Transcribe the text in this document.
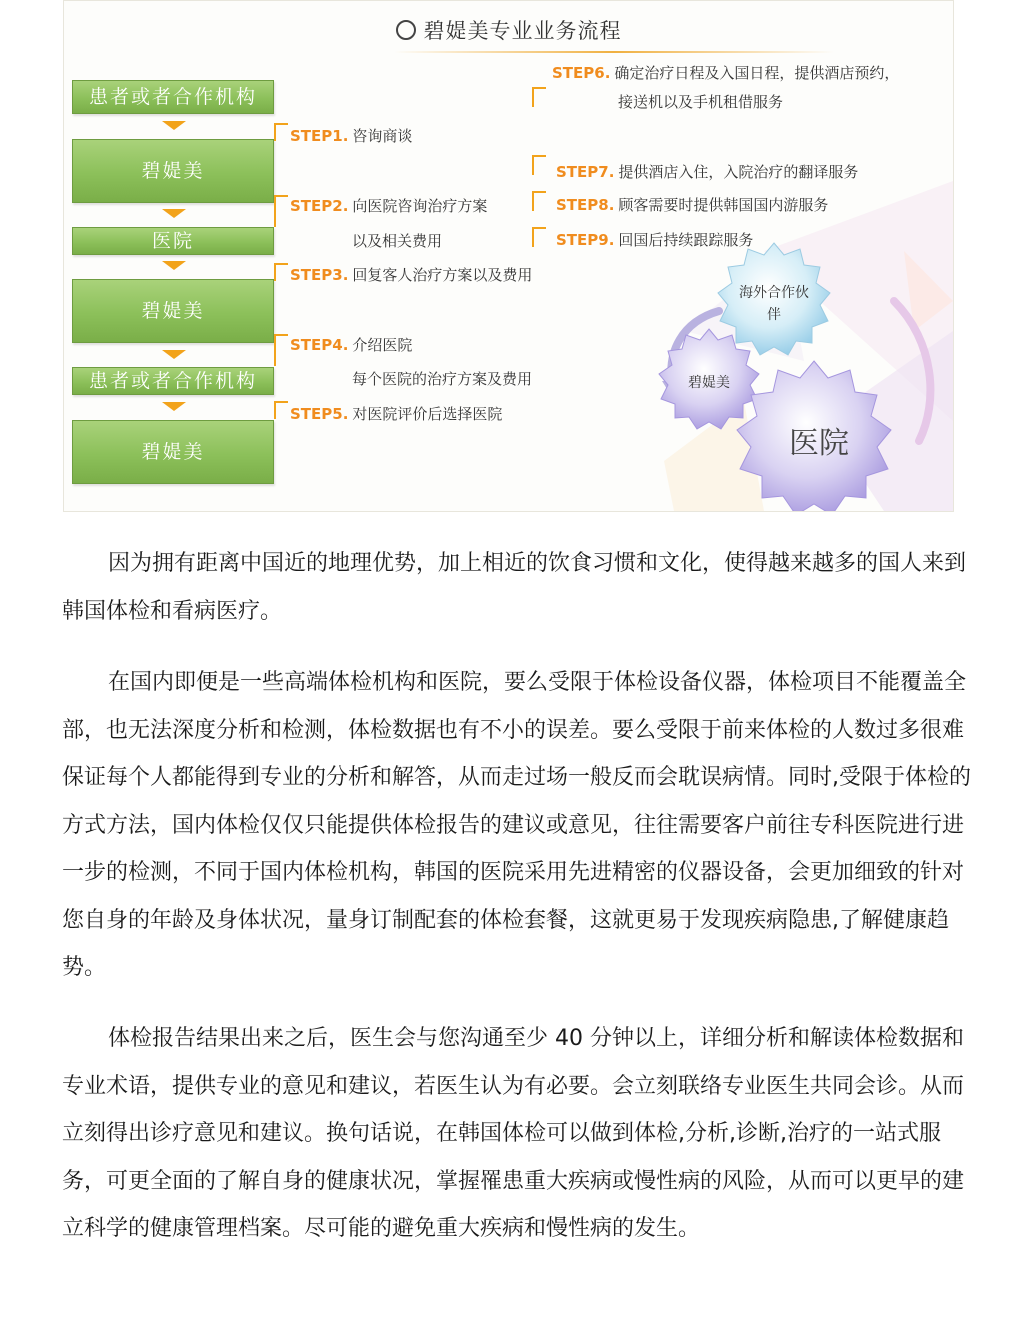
碧媞美专业业务流程
患者或者合作机构
碧媞美
医院
碧媞美
患者或者合作机构
碧媞美
STEP1. 咨询商谈
STEP2. 向医院咨询治疗方案
以及相关费用
STEP3. 回复客人治疗方案以及费用
STEP4. 介绍医院
每个医院的治疗方案及费用
STEP5. 对医院评价后选择医院
STEP6. 确定治疗日程及入国日程，提供酒店预约，
接送机以及手机租借服务
STEP7. 提供酒店入住，入院治疗的翻译服务
STEP8. 顾客需要时提供韩国国内游服务
STEP9. 回国后持续跟踪服务
海外合作伙伴
碧媞美
医院

因为拥有距离中国近的地理优势，加上相近的饮食习惯和文化，使得越来越多的国人来到韩国体检和看病医疗。

在国内即便是一些高端体检机构和医院，要么受限于体检设备仪器，体检项目不能覆盖全部，也无法深度分析和检测，体检数据也有不小的误差。要么受限于前来体检的人数过多很难保证每个人都能得到专业的分析和解答，从而走过场一般反而会耽误病情。同时,受限于体检的方式方法，国内体检仅仅只能提供体检报告的建议或意见，往往需要客户前往专科医院进行进一步的检测，不同于国内体检机构，韩国的医院采用先进精密的仪器设备，会更加细致的针对您自身的年龄及身体状况，量身订制配套的体检套餐，这就更易于发现疾病隐患,了解健康趋势。

体检报告结果出来之后，医生会与您沟通至少 40 分钟以上，详细分析和解读体检数据和专业术语，提供专业的意见和建议，若医生认为有必要。会立刻联络专业医生共同会诊。从而立刻得出诊疗意见和建议。换句话说，在韩国体检可以做到体检,分析,诊断,治疗的一站式服务，可更全面的了解自身的健康状况，掌握罹患重大疾病或慢性病的风险，从而可以更早的建立科学的健康管理档案。尽可能的避免重大疾病和慢性病的发生。
